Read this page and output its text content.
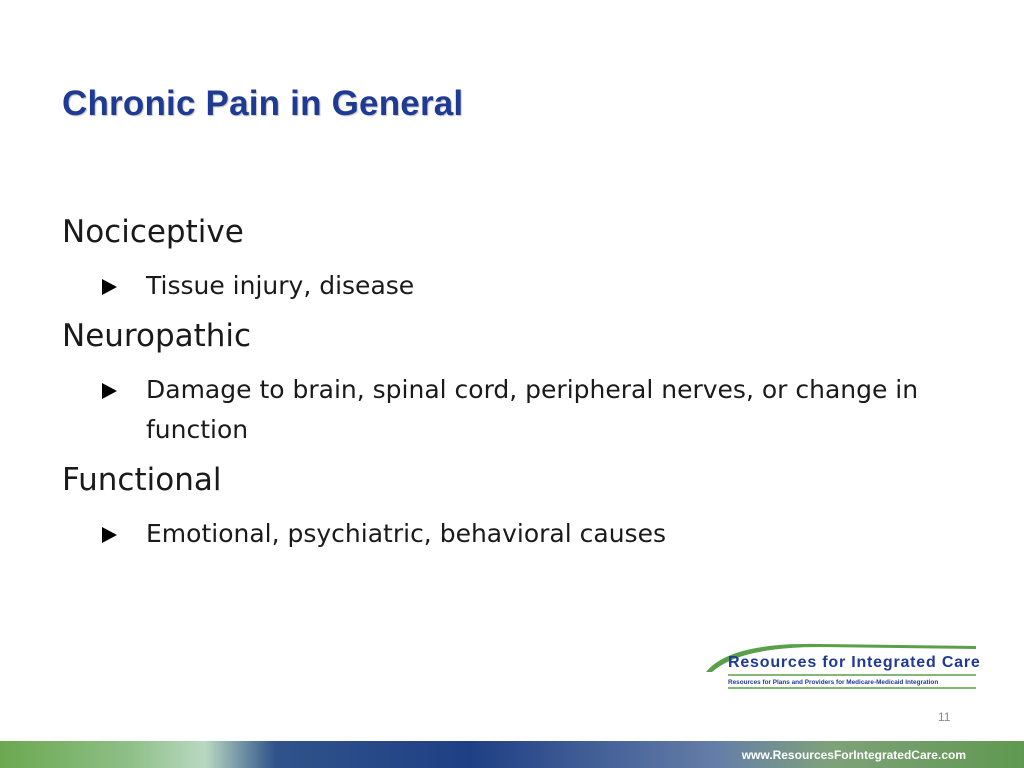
Chronic Pain in General
Nociceptive
Tissue injury, disease
Neuropathic
Damage to brain, spinal cord, peripheral nerves, or change in function
Functional
Emotional, psychiatric, behavioral causes
Resources for Integrated Care
Resources for Plans and Providers for Medicare-Medicaid Integration
11
www.ResourcesForIntegratedCare.com
